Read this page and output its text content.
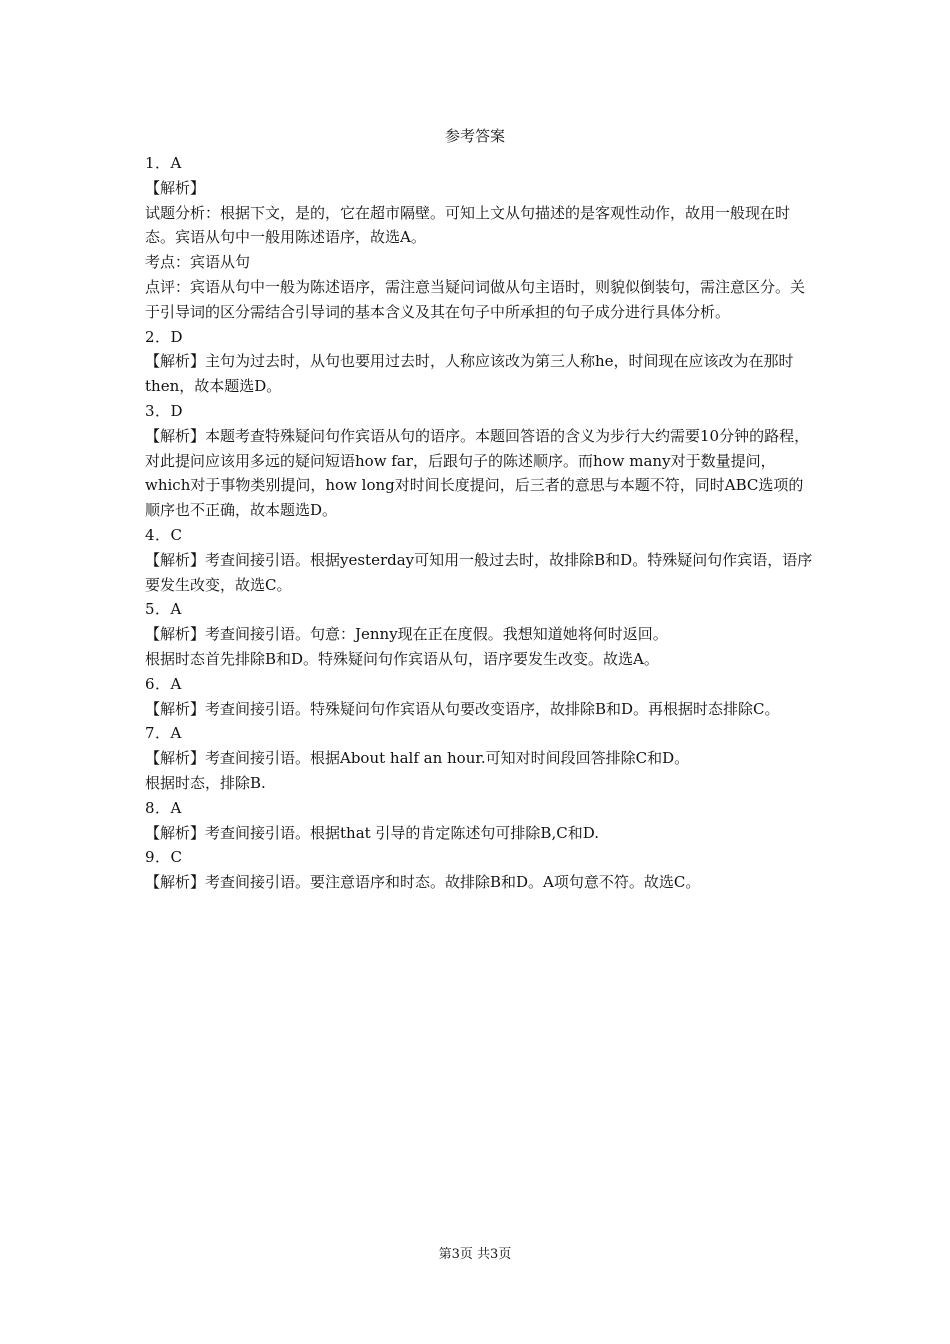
参考答案

1．A

【解析】

试题分析：根据下文，是的，它在超市隔壁。可知上文从句描述的是客观性动作，故用一般现在时态。宾语从句中一般用陈述语序，故选A。

考点：宾语从句

点评：宾语从句中一般为陈述语序，需注意当疑问词做从句主语时，则貌似倒装句，需注意区分。关于引导词的区分需结合引导词的基本含义及其在句子中所承担的句子成分进行具体分析。

2．D

【解析】主句为过去时，从句也要用过去时，人称应该改为第三人称he，时间现在应该改为在那时then，故本题选D。

3．D

【解析】本题考查特殊疑问句作宾语从句的语序。本题回答语的含义为步行大约需要10分钟的路程，对此提问应该用多远的疑问短语how far，后跟句子的陈述顺序。而how many对于数量提问，which对于事物类别提问，how long对时间长度提问，后三者的意思与本题不符，同时ABC选项的顺序也不正确，故本题选D。

4．C

【解析】考查间接引语。根据yesterday可知用一般过去时，故排除B和D。特殊疑问句作宾语，语序要发生改变，故选C。

5．A

【解析】考查间接引语。句意：Jenny现在正在度假。我想知道她将何时返回。

根据时态首先排除B和D。特殊疑问句作宾语从句，语序要发生改变。故选A。

6．A

【解析】考查间接引语。特殊疑问句作宾语从句要改变语序，故排除B和D。再根据时态排除C。

7．A

【解析】考查间接引语。根据About half an hour.可知对时间段回答排除C和D。

根据时态，排除B.

8．A

【解析】考查间接引语。根据that 引导的肯定陈述句可排除B,C和D.

9．C

【解析】考查间接引语。要注意语序和时态。故排除B和D。A项句意不符。故选C。

第3页 共3页
